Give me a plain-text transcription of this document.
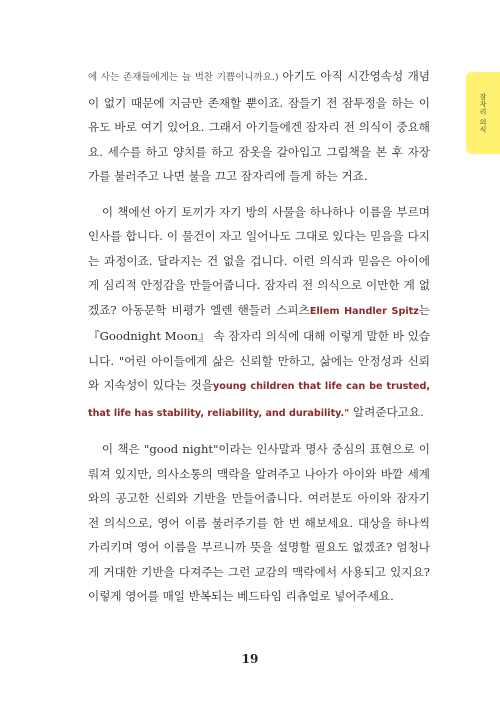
잠자리 의식

에 사는 존재들에게는 늘 벅찬 기쁨이니까요.) 아기도 아직 시간영속성 개념이 없기 때문에 지금만 존재할 뿐이죠. 잠들기 전 잠투정을 하는 이유도 바로 여기 있어요. 그래서 아기들에겐 잠자리 전 의식이 중요해요. 세수를 하고 양치를 하고 잠옷을 갈아입고 그림책을 본 후 자장가를 불러주고 나면 불을 끄고 잠자리에 들게 하는 거죠.

이 책에선 아기 토끼가 자기 방의 사물을 하나하나 이름을 부르며 인사를 합니다. 이 물건이 자고 일어나도 그대로 있다는 믿음을 다지는 과정이죠. 달라지는 건 없을 겁니다. 이런 의식과 믿음은 아이에게 심리적 안정감을 만들어줍니다. 잠자리 전 의식으로 이만한 게 없겠죠? 아동문학 비평가 엘렌 핸들러 스피츠Ellem Handler Spitz는 『Goodnight Moon』 속 잠자리 의식에 대해 이렇게 말한 바 있습니다. "어린 아이들에게 삶은 신뢰할 만하고, 삶에는 안정성과 신뢰와 지속성이 있다는 것을young children that life can be trusted, that life has stability, reliability, and durability." 알려준다고요.

이 책은 "good night"이라는 인사말과 명사 중심의 표현으로 이뤄져 있지만, 의사소통의 맥락을 알려주고 나아가 아이와 바깥 세계와의 공고한 신뢰와 기반을 만들어줍니다. 여러분도 아이와 잠자기 전 의식으로, 영어 이름 불러주기를 한 번 해보세요. 대상을 하나씩 가리키며 영어 이름을 부르니까 뜻을 설명할 필요도 없겠죠? 엄청나게 거대한 기반을 다져주는 그런 교감의 맥락에서 사용되고 있지요? 이렇게 영어를 매일 반복되는 베드타임 리츄얼로 넣어주세요.

19
